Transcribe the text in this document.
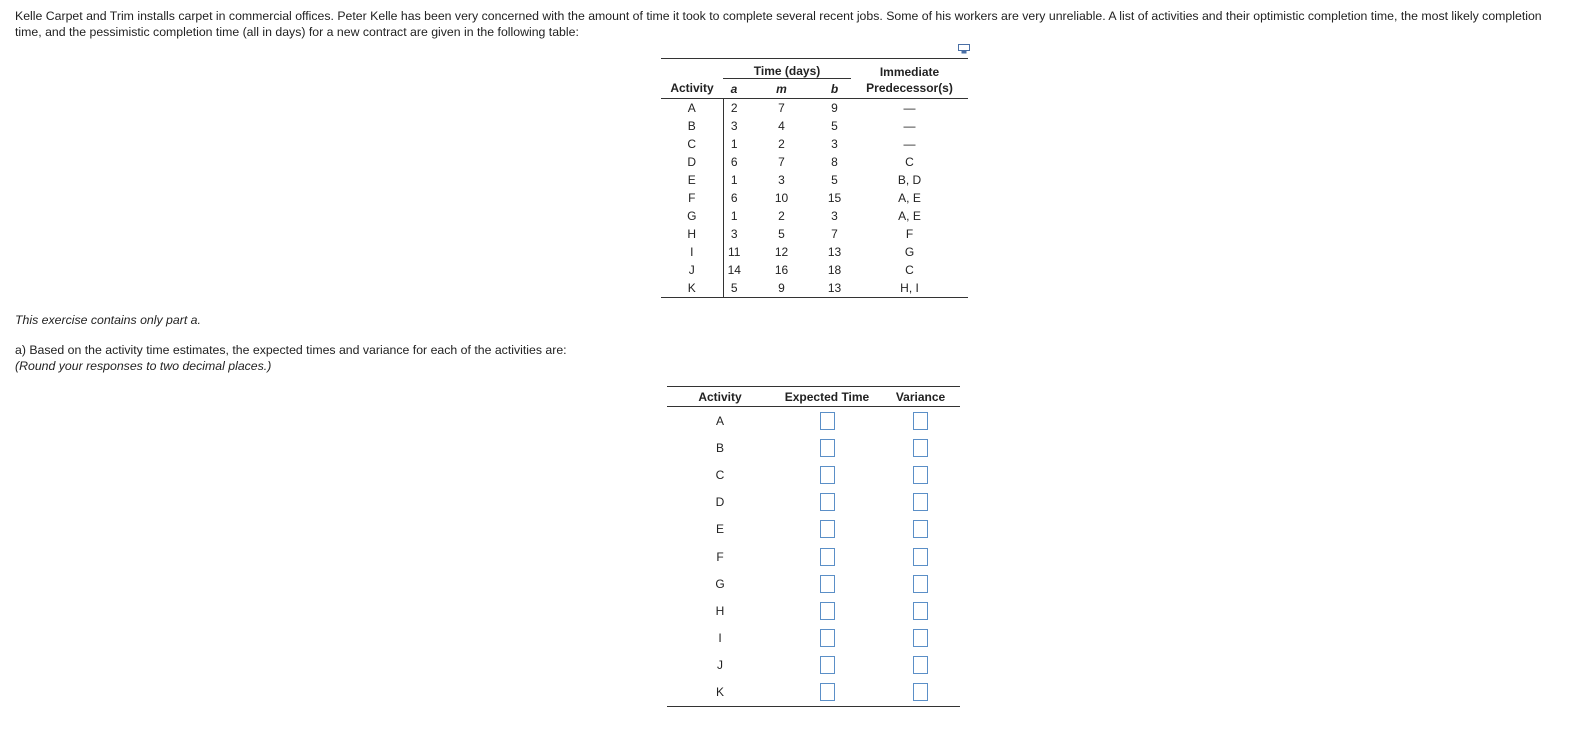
Kelle Carpet and Trim installs carpet in commercial offices. Peter Kelle has been very concerned with the amount of time it took to complete several recent jobs. Some of his workers are very unreliable. A list of activities and their optimistic completion time, the most likely completion time, and the pessimistic completion time (all in days) for a new contract are given in the following table:

	Time (days)			Immediate
Activity	a	m	b	Predecessor(s)
A	2	7	9	—
B	3	4	5	—
C	1	2	3	—
D	6	7	8	C
E	1	3	5	B, D
F	6	10	15	A, E
G	1	2	3	A, E
H	3	5	7	F
I	11	12	13	G
J	14	16	18	C
K	5	9	13	H, I

This exercise contains only part a.

a) Based on the activity time estimates, the expected times and variance for each of the activities are:
(Round your responses to two decimal places.)

Activity	Expected Time	Variance
A		
B		
C		
D		
E		
F		
G		
H		
I		
J		
K		
